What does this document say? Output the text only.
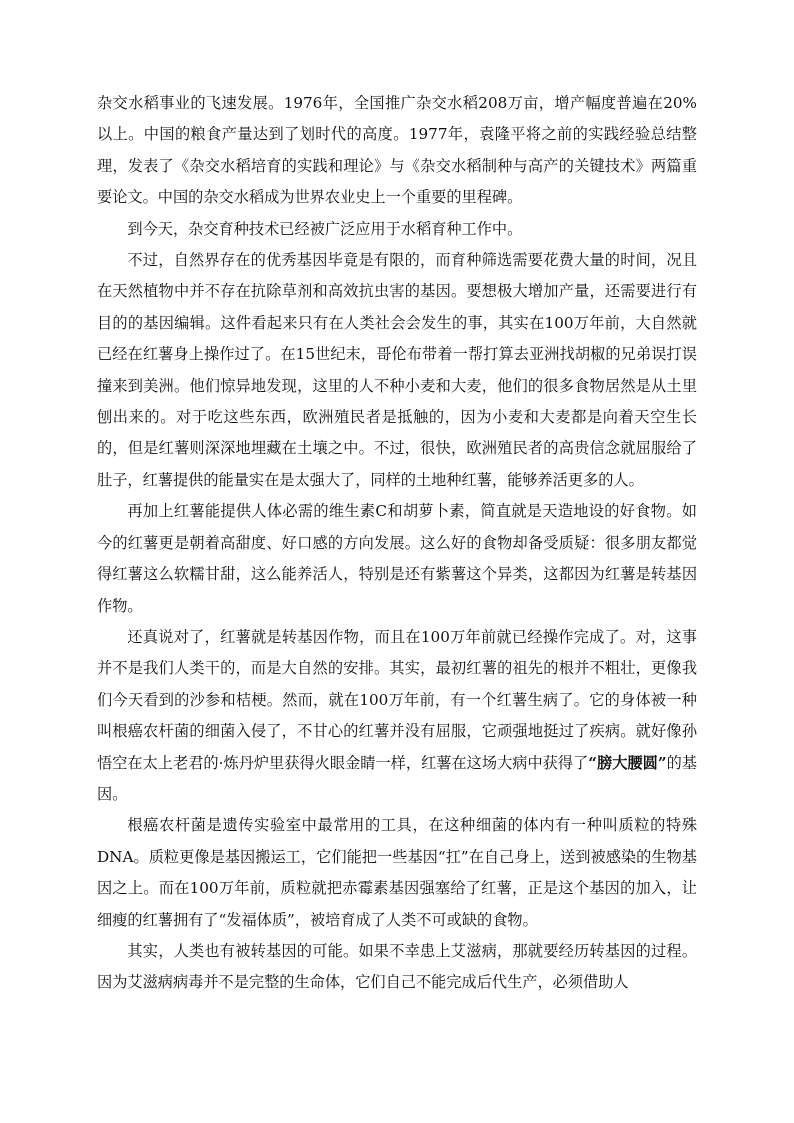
杂交水稻事业的飞速发展。1976年，全国推广杂交水稻208万亩，增产幅度普遍在20%以上。中国的粮食产量达到了划时代的高度。1977年，袁隆平将之前的实践经验总结整理，发表了《杂交水稻培育的实践和理论》与《杂交水稻制种与高产的关键技术》两篇重要论文。中国的杂交水稻成为世界农业史上一个重要的里程碑。

到今天，杂交育种技术已经被广泛应用于水稻育种工作中。

不过，自然界存在的优秀基因毕竟是有限的，而育种筛选需要花费大量的时间，况且在天然植物中并不存在抗除草剂和高效抗虫害的基因。要想极大增加产量，还需要进行有目的的基因编辑。这件看起来只有在人类社会会发生的事，其实在100万年前，大自然就已经在红薯身上操作过了。在15世纪末，哥伦布带着一帮打算去亚洲找胡椒的兄弟误打误撞来到美洲。他们惊异地发现，这里的人不种小麦和大麦，他们的很多食物居然是从土里刨出来的。对于吃这些东西，欧洲殖民者是抵触的，因为小麦和大麦都是向着天空生长的，但是红薯则深深地埋藏在土壤之中。不过，很快，欧洲殖民者的高贵信念就屈服给了肚子，红薯提供的能量实在是太强大了，同样的土地种红薯，能够养活更多的人。

再加上红薯能提供人体必需的维生素C和胡萝卜素，简直就是天造地设的好食物。如今的红薯更是朝着高甜度、好口感的方向发展。这么好的食物却备受质疑：很多朋友都觉得红薯这么软糯甘甜，这么能养活人，特别是还有紫薯这个异类，这都因为红薯是转基因作物。

还真说对了，红薯就是转基因作物，而且在100万年前就已经操作完成了。对，这事并不是我们人类干的，而是大自然的安排。其实，最初红薯的祖先的根并不粗壮，更像我们今天看到的沙参和桔梗。然而，就在100万年前，有一个红薯生病了。它的身体被一种叫根癌农杆菌的细菌入侵了，不甘心的红薯并没有屈服，它顽强地挺过了疾病。就好像孙悟空在太上老君的·炼丹炉里获得火眼金睛一样，红薯在这场大病中获得了“膀大腰圆”的基因。

根癌农杆菌是遗传实验室中最常用的工具，在这种细菌的体内有一种叫质粒的特殊DNA。质粒更像是基因搬运工，它们能把一些基因“扛”在自己身上，送到被感染的生物基因之上。而在100万年前，质粒就把赤霉素基因强塞给了红薯，正是这个基因的加入，让细瘦的红薯拥有了“发福体质”，被培育成了人类不可或缺的食物。

其实，人类也有被转基因的可能。如果不幸患上艾滋病，那就要经历转基因的过程。因为艾滋病病毒并不是完整的生命体，它们自己不能完成后代生产，必须借助人
